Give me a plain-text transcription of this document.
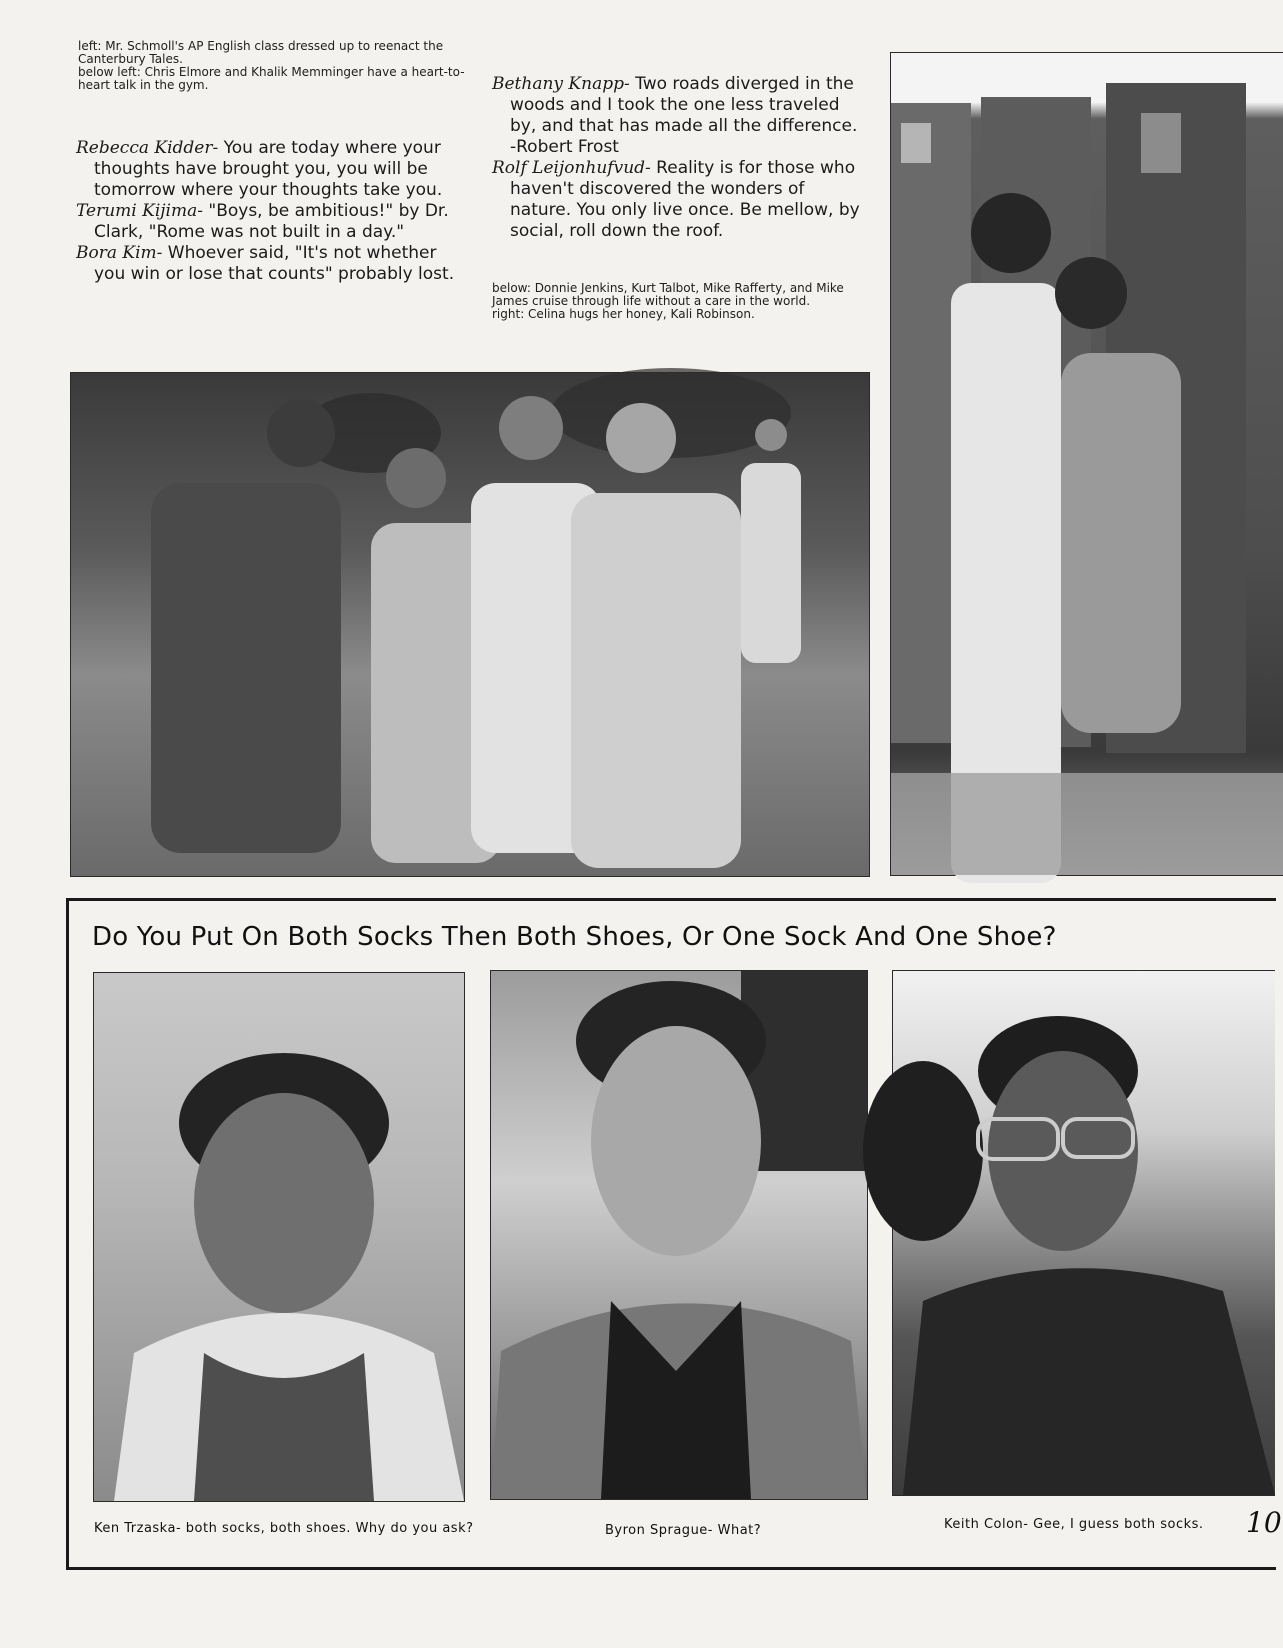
left: Mr. Schmoll's AP English class dressed up to reenact the Canterbury Tales.

below left: Chris Elmore and Khalik Memminger have a heart-to-heart talk in the gym.

Rebecca Kidder- You are today where your thoughts have brought you, you will be tomorrow where your thoughts take you.

Terumi Kijima- "Boys, be ambitious!" by Dr. Clark, "Rome was not built in a day."

Bora Kim- Whoever said, "It's not whether you win or lose that counts" probably lost.

Bethany Knapp- Two roads diverged in the woods and I took the one less traveled by, and that has made all the difference. -Robert Frost

Rolf Leijonhufvud- Reality is for those who haven't discovered the wonders of nature. You only live once. Be mellow, by social, roll down the roof.

below: Donnie Jenkins, Kurt Talbot, Mike Rafferty, and Mike James cruise through life without a care in the world.

right: Celina hugs her honey, Kali Robinson.

Do You Put On Both Socks Then Both Shoes, Or One Sock And One Shoe?
Ken Trzaska- both socks, both shoes. Why do you ask?	Byron Sprague- What?	Keith Colon- Gee, I guess both socks.	10
